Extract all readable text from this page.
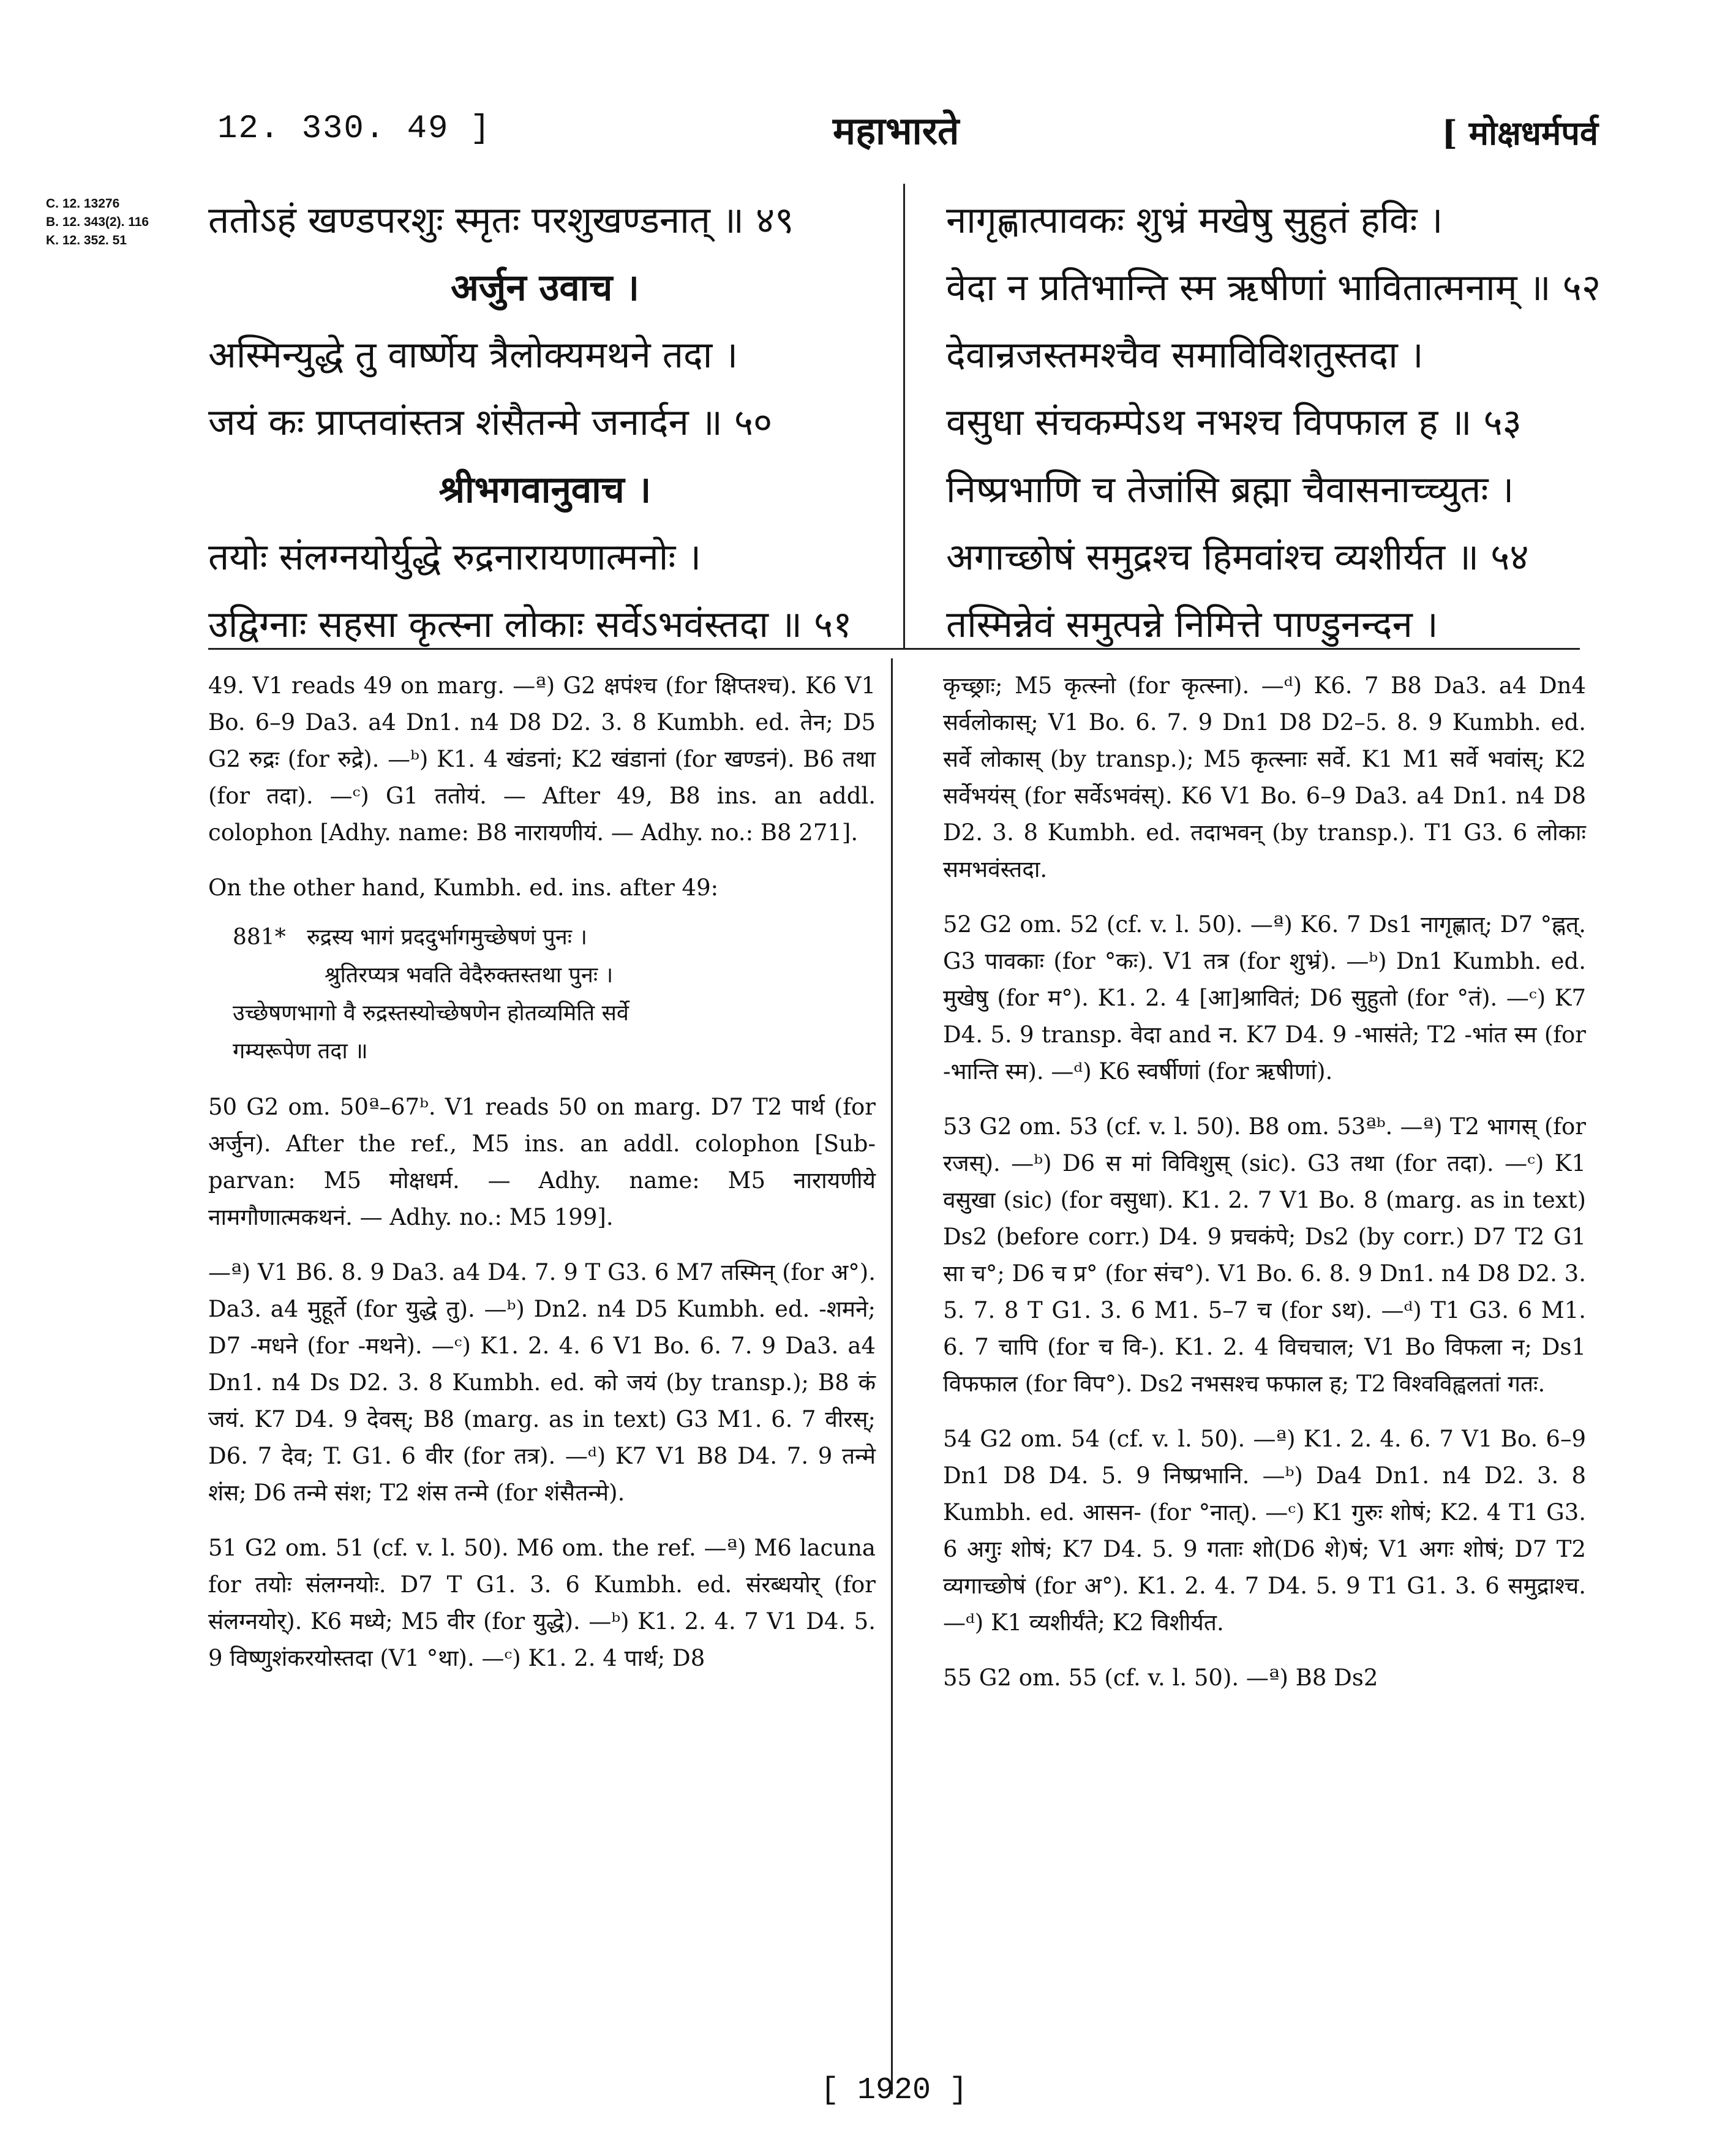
12. 330. 49 ]	महाभारते	[ मोक्षधर्मपर्व
C. 12. 13276
B. 12. 343(2). 116
K. 12. 352. 51	ततोऽहं खण्डपरशुः स्मृतः परशुखण्डनात् ॥ ४९
अर्जुन उवाच ।
अस्मिन्युद्धे तु वार्ष्णेय त्रैलोक्यमथने तदा ।
जयं कः प्राप्तवांस्तत्र शंसैतन्मे जनार्दन ॥ ५०
श्रीभगवानुवाच ।
तयोः संलग्नयोर्युद्धे रुद्रनारायणात्मनोः ।
उद्विग्नाः सहसा कृत्स्ना लोकाः सर्वेऽभवंस्तदा ॥ ५१
नागृह्णात्पावकः शुभ्रं मखेषु सुहुतं हविः ।
वेदा न प्रतिभान्ति स्म ऋषीणां भावितात्मनाम् ॥ ५२
देवान्रजस्तमश्चैव समाविविशतुस्तदा ।
वसुधा संचकम्पेऽथ नभश्च विपफाल ह ॥ ५३
निष्प्रभाणि च तेजांसि ब्रह्मा चैवासनाच्च्युतः ।
अगाच्छोषं समुद्रश्च हिमवांश्च व्यशीर्यत ॥ ५४
तस्मिन्नेवं समुत्पन्ने निमित्ते पाण्डुनन्दन ।

49. V1 reads 49 on marg. —ª) G2 क्षपंश्च (for क्षिप्तश्च). K6 V1 Bo. 6–9 Da3. a4 Dn1. n4 D8 D2. 3. 8 Kumbh. ed. तेन; D5 G2 रुद्रः (for रुद्रे). —ᵇ) K1. 4 खंडनां; K2 खंडानां (for खण्डनं). B6 तथा (for तदा). —ᶜ) G1 ततोयं. — After 49, B8 ins. an addl. colophon [Adhy. name: B8 नारायणीयं. — Adhy. no.: B8 271].

On the other hand, Kumbh. ed. ins. after 49:

881* रुद्रस्य भागं प्रददुर्भागमुच्छेषणं पुनः ।
श्रुतिरप्यत्र भवति वेदैरुक्तस्तथा पुनः ।
उच्छेषणभागो वै रुद्रस्तस्योच्छेषणेन होतव्यमिति सर्वे
गम्यरूपेण तदा ॥

50 G2 om. 50ª–67ᵇ. V1 reads 50 on marg. D7 T2 पार्थ (for अर्जुन). After the ref., M5 ins. an addl. colophon [Sub-parvan: M5 मोक्षधर्म. — Adhy. name: M5 नारायणीये नामगौणात्मकथनं. — Adhy. no.: M5 199].

—ª) V1 B6. 8. 9 Da3. a4 D4. 7. 9 T G3. 6 M7 तस्मिन् (for अ°). Da3. a4 मुहूर्ते (for युद्धे तु). —ᵇ) Dn2. n4 D5 Kumbh. ed. -शमने; D7 -मधने (for -मथने). —ᶜ) K1. 2. 4. 6 V1 Bo. 6. 7. 9 Da3. a4 Dn1. n4 Ds D2. 3. 8 Kumbh. ed. को जयं (by transp.); B8 कं जयं. K7 D4. 9 देवस्; B8 (marg. as in text) G3 M1. 6. 7 वीरस्; D6. 7 देव; T. G1. 6 वीर (for तत्र). —ᵈ) K7 V1 B8 D4. 7. 9 तन्मे शंस; D6 तन्मे संश; T2 शंस तन्मे (for शंसैतन्मे).

51 G2 om. 51 (cf. v. l. 50). M6 om. the ref. —ª) M6 lacuna for तयोः संलग्नयोः. D7 T G1. 3. 6 Kumbh. ed. संरब्धयोर् (for संलग्नयोर्). K6 मध्ये; M5 वीर (for युद्धे). —ᵇ) K1. 2. 4. 7 V1 D4. 5. 9 विष्णुशंकरयोस्तदा (V1 °था). —ᶜ) K1. 2. 4 पार्थ; D8

कृच्छ्राः; M5 कृत्स्नो (for कृत्स्ना). —ᵈ) K6. 7 B8 Da3. a4 Dn4 सर्वलोकास्; V1 Bo. 6. 7. 9 Dn1 D8 D2–5. 8. 9 Kumbh. ed. सर्वे लोकास् (by transp.); M5 कृत्स्नाः सर्वे. K1 M1 सर्वे भवांस्; K2 सर्वेभयंस् (for सर्वेऽभवंस्). K6 V1 Bo. 6–9 Da3. a4 Dn1. n4 D8 D2. 3. 8 Kumbh. ed. तदाभवन् (by transp.). T1 G3. 6 लोकाः समभवंस्तदा.

52 G2 om. 52 (cf. v. l. 50). —ª) K6. 7 Ds1 नागृह्णात्; D7 °ह्नत्. G3 पावकाः (for °कः). V1 तत्र (for शुभ्रं). —ᵇ) Dn1 Kumbh. ed. मुखेषु (for म°). K1. 2. 4 [आ]श्रावितं; D6 सुहुतो (for °तं). —ᶜ) K7 D4. 5. 9 transp. वेदा and न. K7 D4. 9 -भासंते; T2 -भांत स्म (for -भान्ति स्म). —ᵈ) K6 स्वर्षीणां (for ऋषीणां).

53 G2 om. 53 (cf. v. l. 50). B8 om. 53ªᵇ. —ª) T2 भागस् (for रजस्). —ᵇ) D6 स मां विविशुस् (sic). G3 तथा (for तदा). —ᶜ) K1 वसुखा (sic) (for वसुधा). K1. 2. 7 V1 Bo. 8 (marg. as in text) Ds2 (before corr.) D4. 9 प्रचकंपे; Ds2 (by corr.) D7 T2 G1 सा च°; D6 च प्र° (for संच°). V1 Bo. 6. 8. 9 Dn1. n4 D8 D2. 3. 5. 7. 8 T G1. 3. 6 M1. 5–7 च (for ऽथ). —ᵈ) T1 G3. 6 M1. 6. 7 चापि (for च वि-). K1. 2. 4 विचचाल; V1 Bo विफला न; Ds1 विफफाल (for विप°). Ds2 नभसश्च फफाल ह; T2 विश्वविह्वलतां गतः.

54 G2 om. 54 (cf. v. l. 50). —ª) K1. 2. 4. 6. 7 V1 Bo. 6–9 Dn1 D8 D4. 5. 9 निष्प्रभानि. —ᵇ) Da4 Dn1. n4 D2. 3. 8 Kumbh. ed. आसन- (for °नात्). —ᶜ) K1 गुरुः शोषं; K2. 4 T1 G3. 6 अगुः शोषं; K7 D4. 5. 9 गताः शो(D6 शे)षं; V1 अगः शोषं; D7 T2 व्यगाच्छोषं (for अ°). K1. 2. 4. 7 D4. 5. 9 T1 G1. 3. 6 समुद्राश्च. —ᵈ) K1 व्यशीर्यंते; K2 विशीर्यत.

55 G2 om. 55 (cf. v. l. 50). —ª) B8 Ds2

[ 1920 ]
